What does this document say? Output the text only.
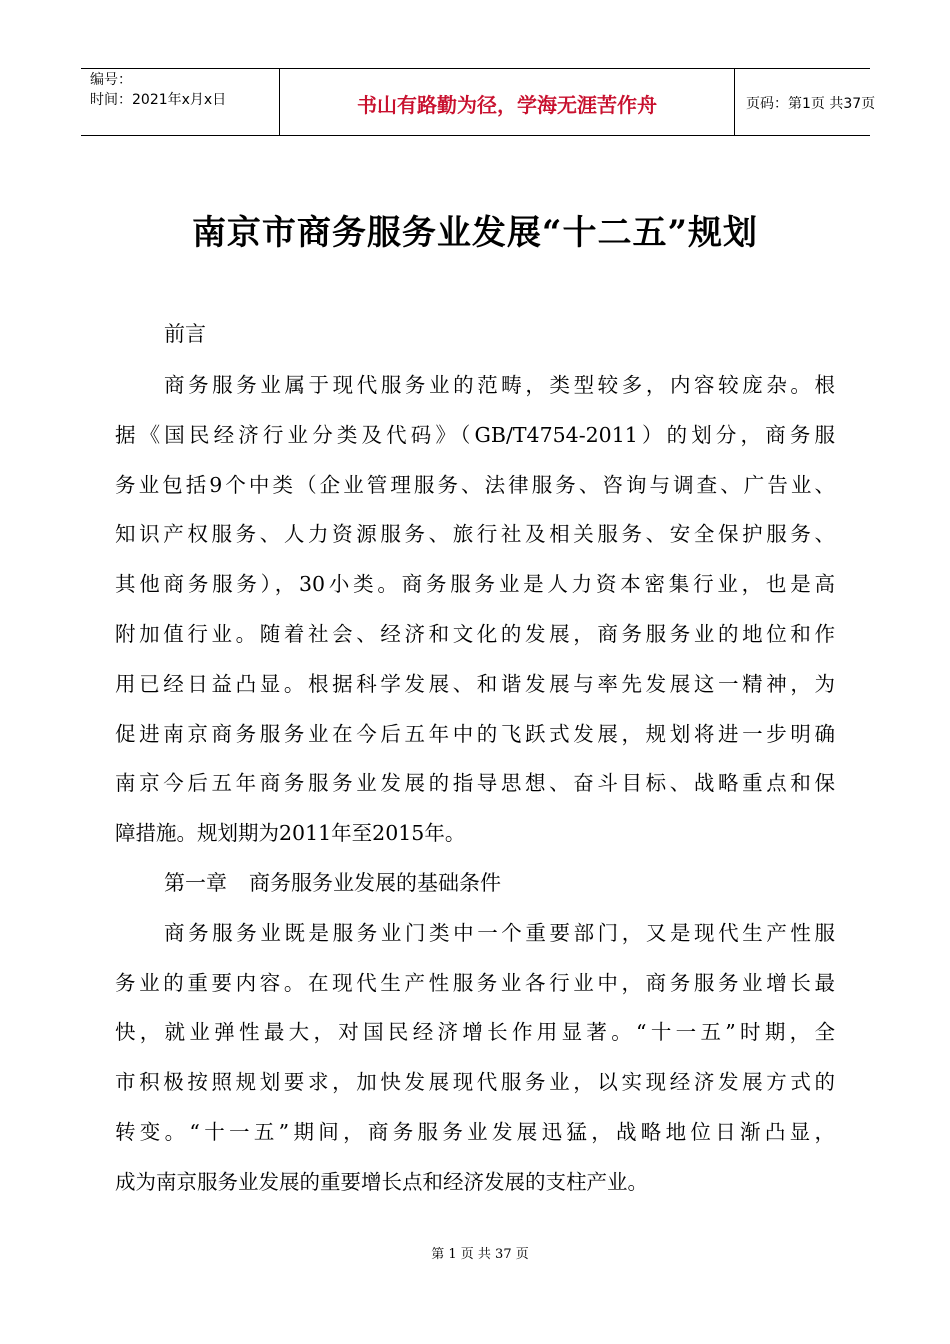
编号：
时间：2021年x月x日	书山有路勤为径，学海无涯苦作舟	页码：第1页 共37页
南京市商务服务业发展“十二五”规划
前言
商务服务业属于现代服务业的范畴，类型较多，内容较庞杂。根
据《国民经济行业分类及代码》（GB/T4754-2011）的划分，商务服
务业包括9个中类（企业管理服务、法律服务、咨询与调查、广告业、
知识产权服务、人力资源服务、旅行社及相关服务、安全保护服务、
其他商务服务），30小类。商务服务业是人力资本密集行业，也是高
附加值行业。随着社会、经济和文化的发展，商务服务业的地位和作
用已经日益凸显。根据科学发展、和谐发展与率先发展这一精神，为
促进南京商务服务业在今后五年中的飞跃式发展，规划将进一步明确
南京今后五年商务服务业发展的指导思想、奋斗目标、战略重点和保
障措施。规划期为2011年至2015年。
第一章 商务服务业发展的基础条件
商务服务业既是服务业门类中一个重要部门，又是现代生产性服
务业的重要内容。在现代生产性服务业各行业中，商务服务业增长最
快，就业弹性最大，对国民经济增长作用显著。“十一五”时期，全
市积极按照规划要求，加快发展现代服务业，以实现经济发展方式的
转变。“十一五”期间，商务服务业发展迅猛，战略地位日渐凸显，
成为南京服务业发展的重要增长点和经济发展的支柱产业。
第 1 页 共 37 页
